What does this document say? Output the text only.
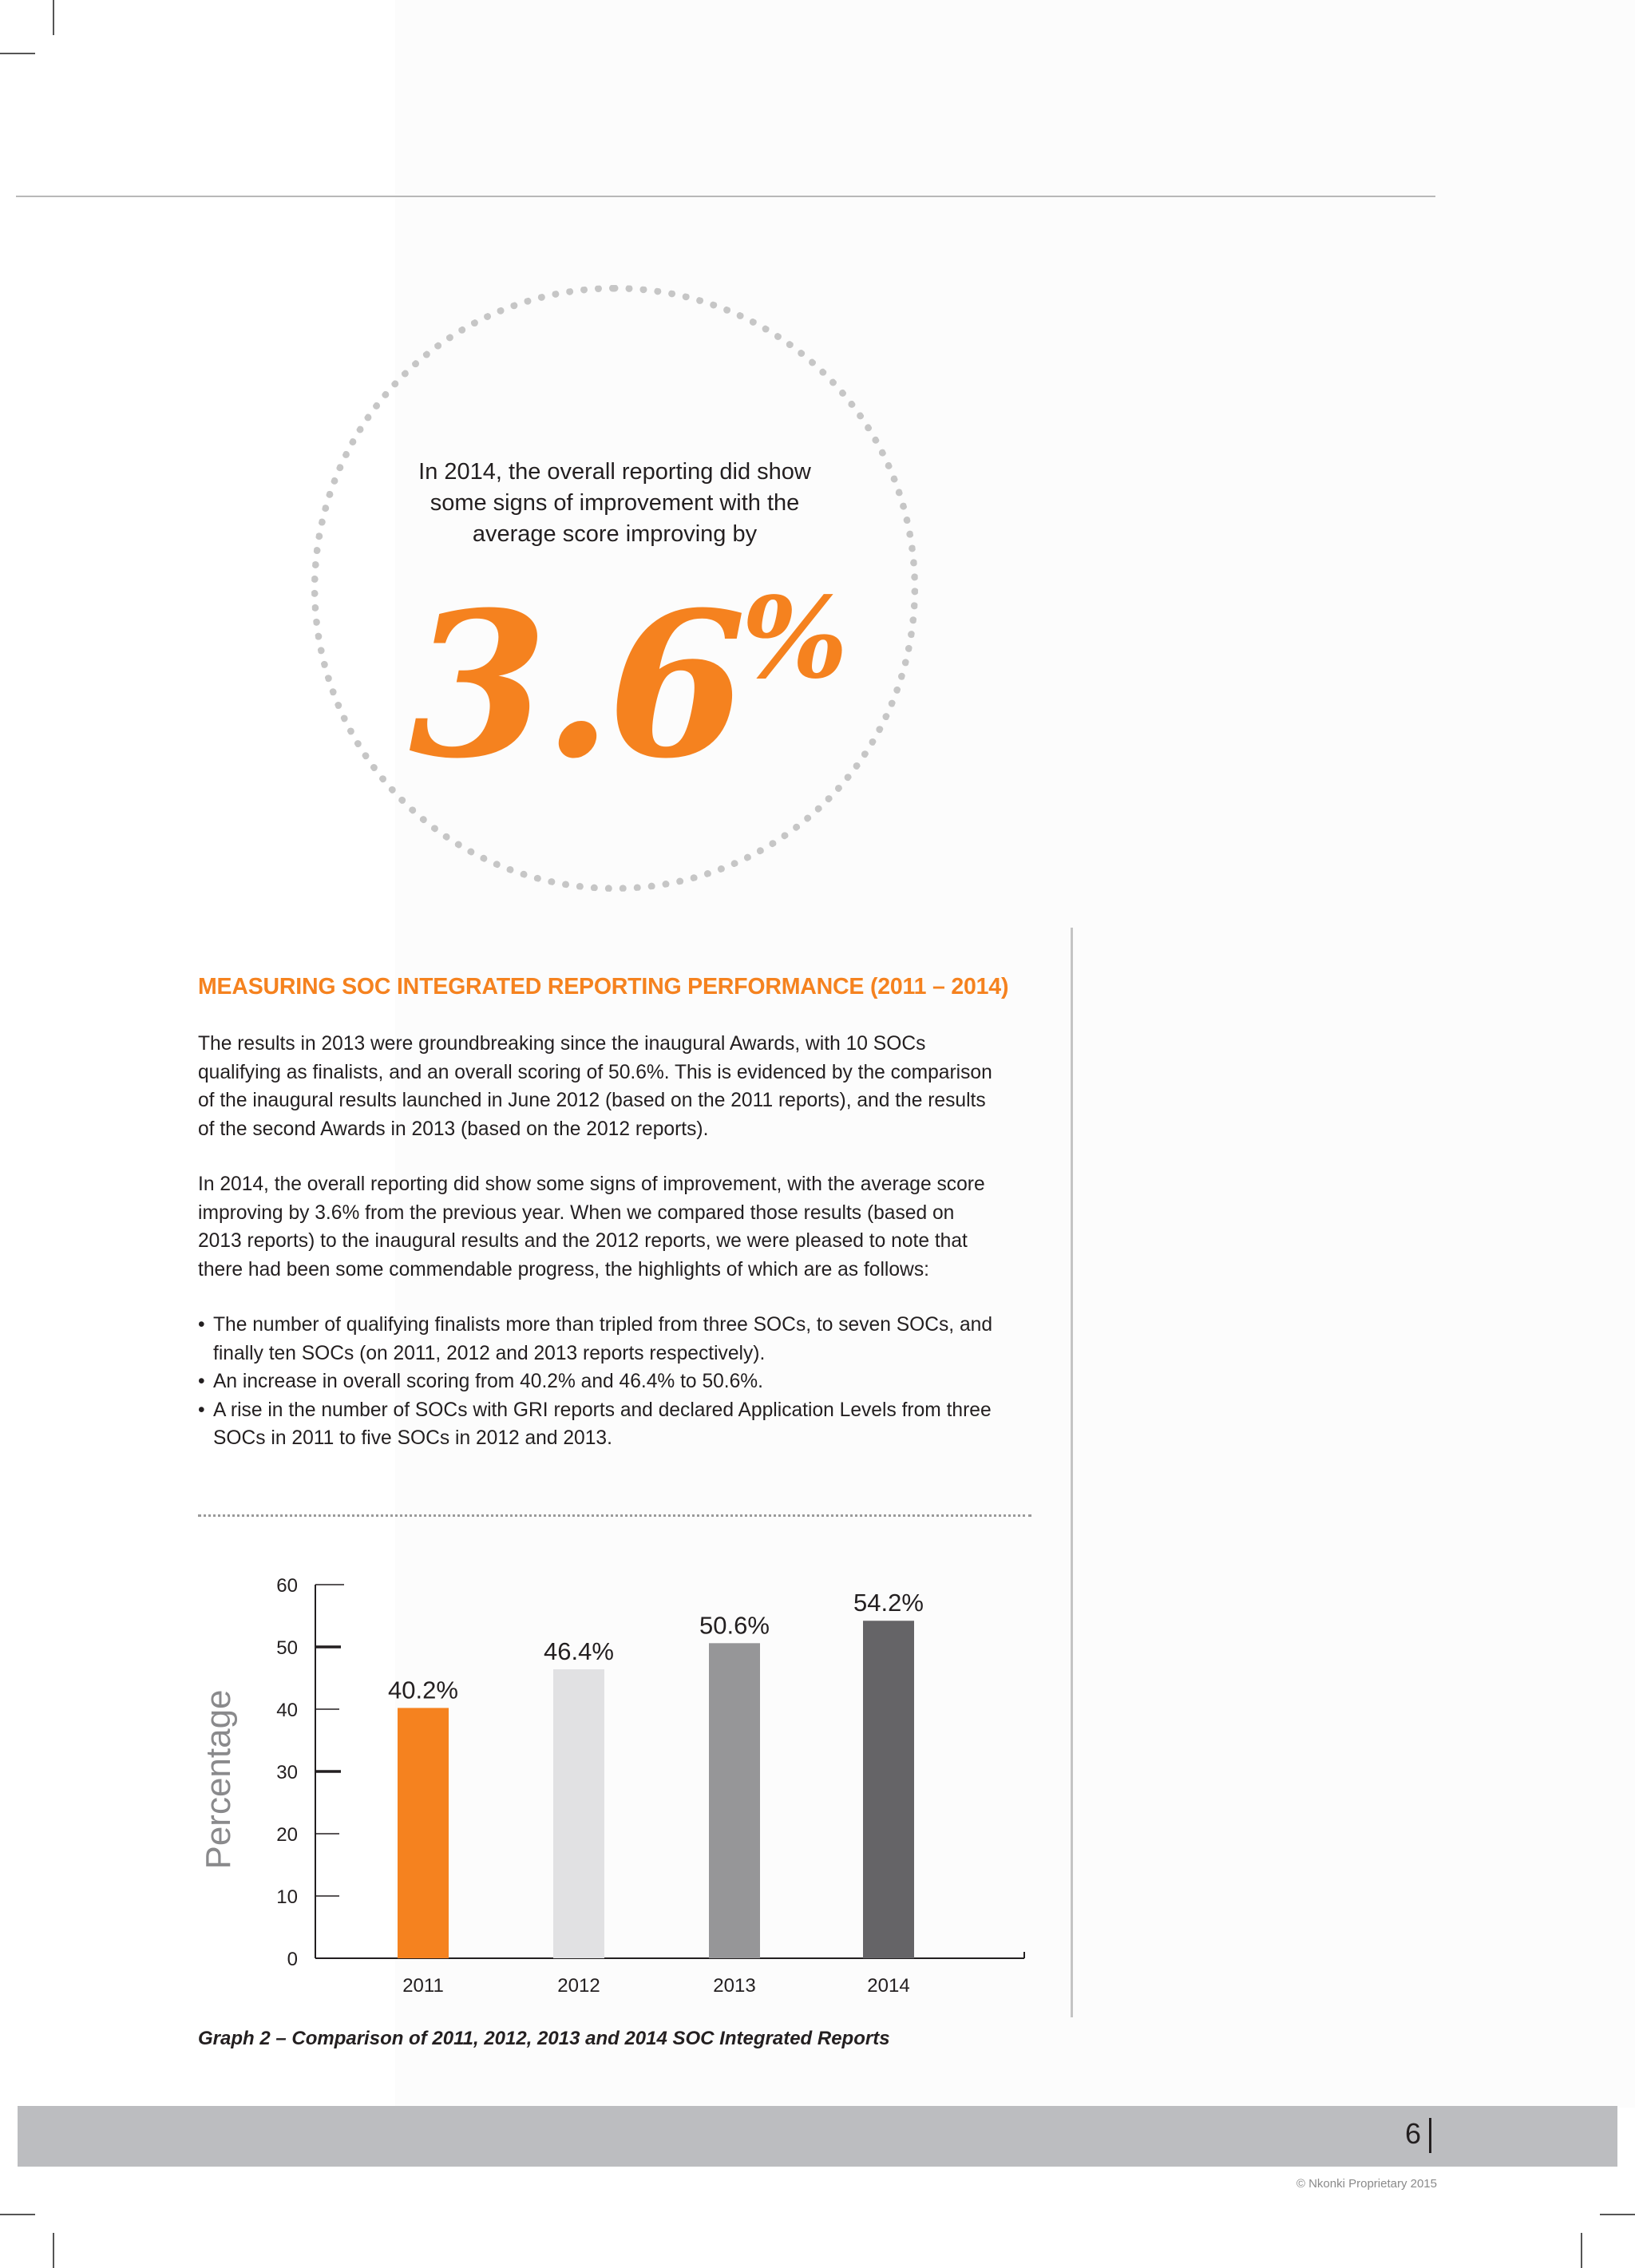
In 2014, the overall reporting did show
some signs of improvement with the
average score improving by
3.6%
MEASURING SOC INTEGRATED REPORTING PERFORMANCE (2011 – 2014)
The results in 2013 were groundbreaking since the inaugural Awards, with 10 SOCs
qualifying as finalists, and an overall scoring of 50.6%. This is evidenced by the comparison
of the inaugural results launched in June 2012 (based on the 2011 reports), and the results
of the second Awards in 2013 (based on the 2012 reports).
In 2014, the overall reporting did show some signs of improvement, with the average score
improving by 3.6% from the previous year. When we compared those results (based on
2013 reports) to the inaugural results and the 2012 reports, we were pleased to note that
there had been some commendable progress, the highlights of which are as follows:
• The number of qualifying finalists more than tripled from three SOCs, to seven SOCs, and
finally ten SOCs (on 2011, 2012 and 2013 reports respectively).
• An increase in overall scoring from 40.2% and 46.4% to 50.6%.
• A rise in the number of SOCs with GRI reports and declared Application Levels from three
SOCs in 2011 to five SOCs in 2012 and 2013.
0
10
20
30
40
50
60
Percentage	40.2%
2011
46.4%
2012
50.6%
2013
54.2%
2014
Graph 2 – Comparison of 2011, 2012, 2013 and 2014 SOC Integrated Reports
6
© Nkonki Proprietary 2015
